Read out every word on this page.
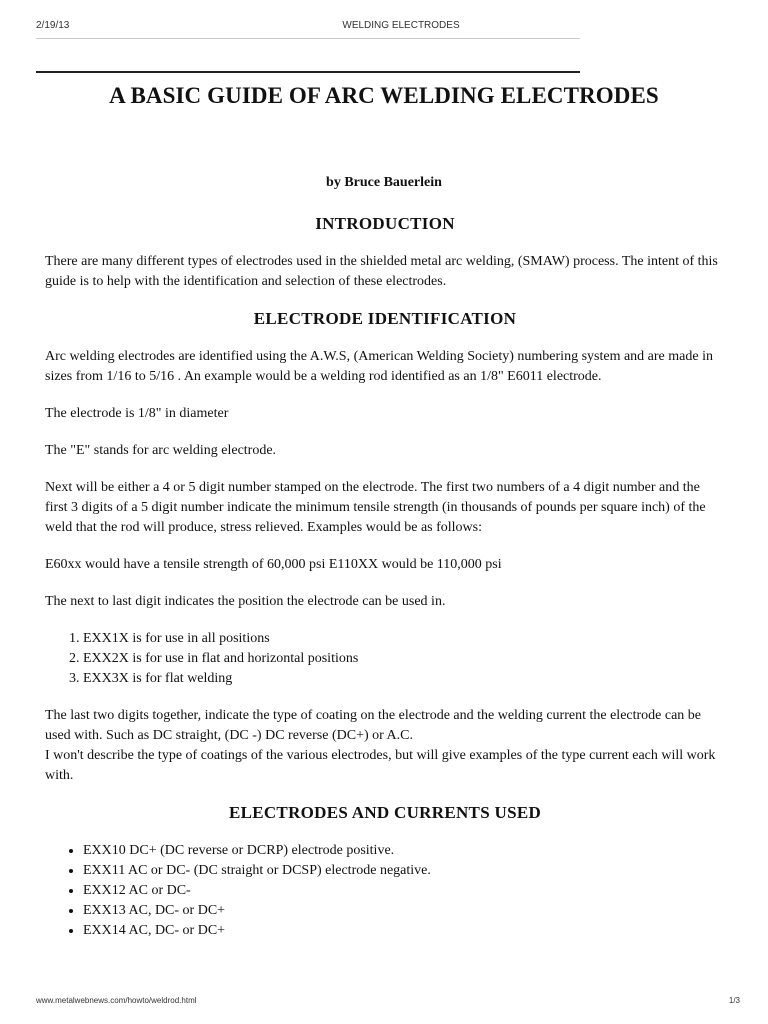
2/19/13	WELDING ELECTRODES
A BASIC GUIDE OF ARC WELDING ELECTRODES
by Bruce Bauerlein
INTRODUCTION

There are many different types of electrodes used in the shielded metal arc welding, (SMAW) process. The intent of this guide is to help with the identification and selection of these electrodes.

ELECTRODE IDENTIFICATION

Arc welding electrodes are identified using the A.W.S, (American Welding Society) numbering system and are made in sizes from 1/16 to 5/16 . An example would be a welding rod identified as an 1/8" E6011 electrode.

The electrode is 1/8" in diameter

The "E" stands for arc welding electrode.

Next will be either a 4 or 5 digit number stamped on the electrode. The first two numbers of a 4 digit number and the first 3 digits of a 5 digit number indicate the minimum tensile strength (in thousands of pounds per square inch) of the weld that the rod will produce, stress relieved. Examples would be as follows:

E60xx would have a tensile strength of 60,000 psi E110XX would be 110,000 psi

The next to last digit indicates the position the electrode can be used in.

1. EXX1X is for use in all positions
2. EXX2X is for use in flat and horizontal positions
3. EXX3X is for flat welding

The last two digits together, indicate the type of coating on the electrode and the welding current the electrode can be used with. Such as DC straight, (DC -) DC reverse (DC+) or A.C.
I won't describe the type of coatings of the various electrodes, but will give examples of the type current each will work with.

ELECTRODES AND CURRENTS USED
• EXX10 DC+ (DC reverse or DCRP) electrode positive.
• EXX11 AC or DC- (DC straight or DCSP) electrode negative.
• EXX12 AC or DC-
• EXX13 AC, DC- or DC+
• EXX14 AC, DC- or DC+
www.metalwebnews.com/howto/weldrod.html	1/3
